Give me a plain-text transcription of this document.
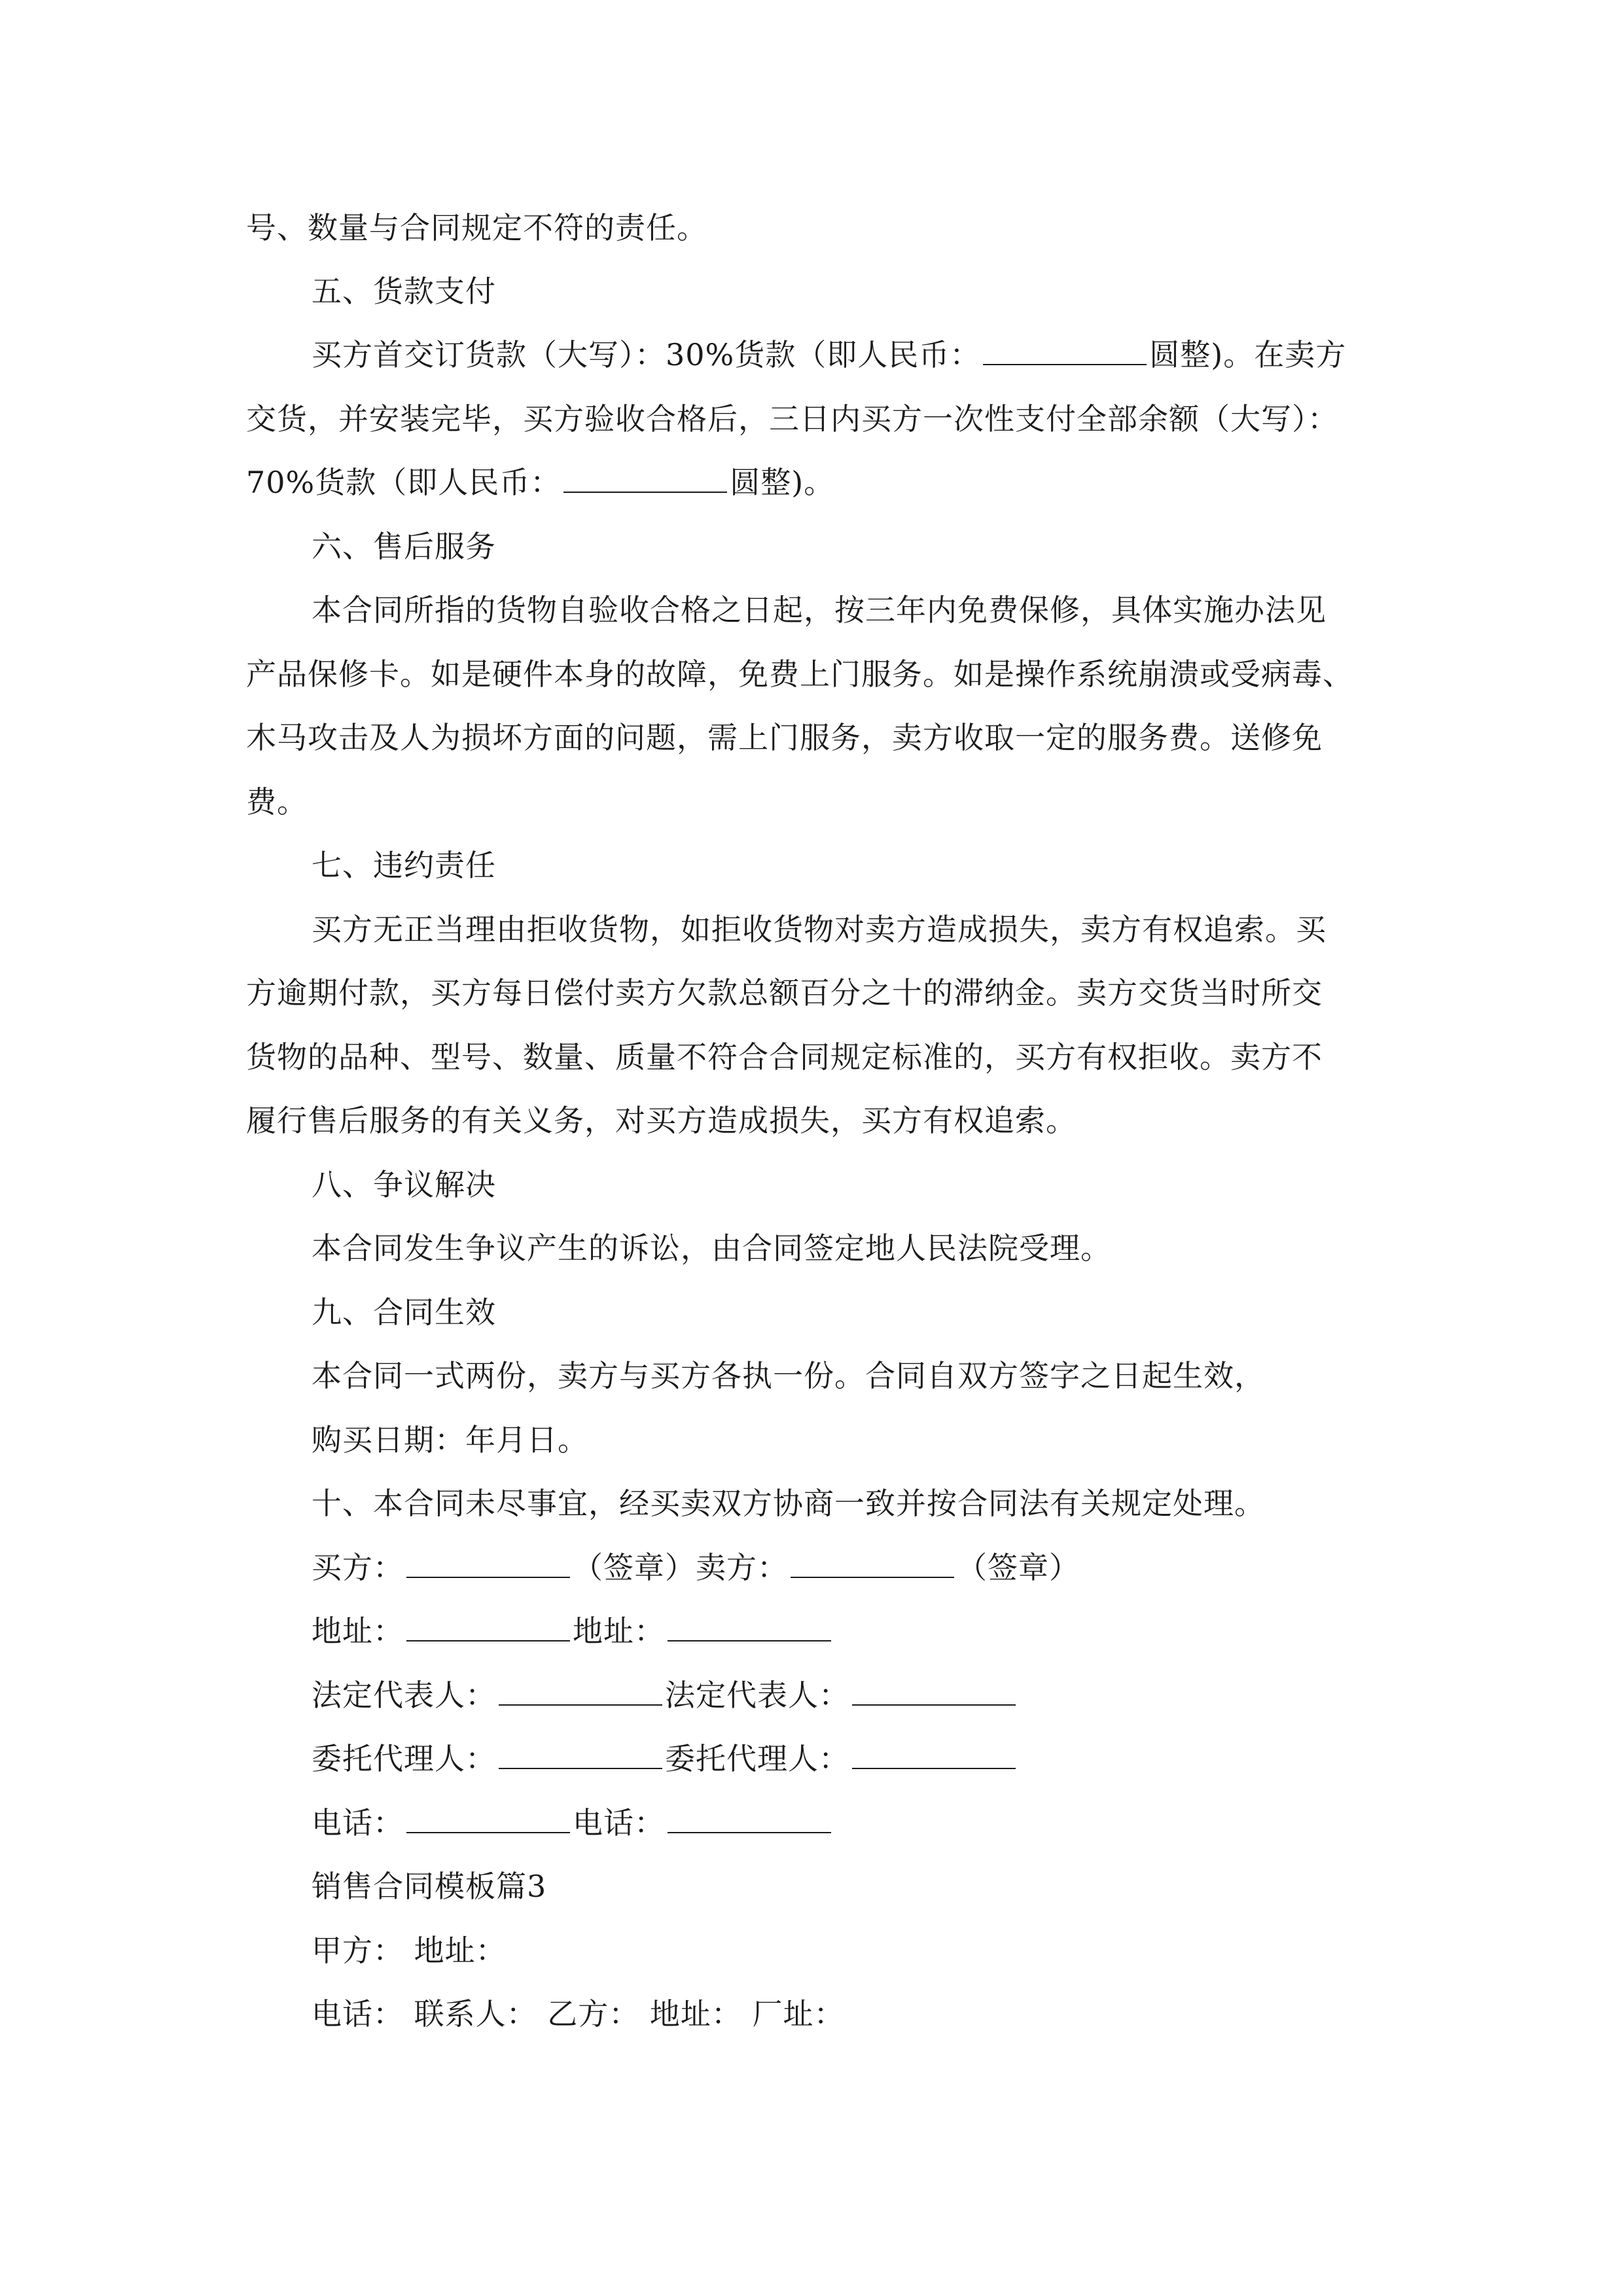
号、数量与合同规定不符的责任。
五、货款支付
买方首交订货款（大写）：30%货款（即人民币：	圆整)。在卖方
交货，并安装完毕，买方验收合格后，三日内买方一次性支付全部余额（大写）：
70%货款（即人民币：	圆整)。
六、售后服务
本合同所指的货物自验收合格之日起，按三年内免费保修，具体实施办法见
产品保修卡。如是硬件本身的故障，免费上门服务。如是操作系统崩溃或受病毒、
木马攻击及人为损坏方面的问题，需上门服务，卖方收取一定的服务费。送修免
费。
七、违约责任
买方无正当理由拒收货物，如拒收货物对卖方造成损失，卖方有权追索。买
方逾期付款，买方每日偿付卖方欠款总额百分之十的滞纳金。卖方交货当时所交
货物的品种、型号、数量、质量不符合合同规定标准的，买方有权拒收。卖方不
履行售后服务的有关义务，对买方造成损失，买方有权追索。
八、争议解决
本合同发生争议产生的诉讼，由合同签定地人民法院受理。
九、合同生效
本合同一式两份，卖方与买方各执一份。合同自双方签字之日起生效，
购买日期：年月日。
十、本合同未尽事宜，经买卖双方协商一致并按合同法有关规定处理。
买方：	（签章）卖方：	（签章）
地址：	地址：
法定代表人：	法定代表人：
委托代理人：	委托代理人：
电话：	电话：
销售合同模板篇3
甲方： 地址：
电话： 联系人： 乙方： 地址： 厂址：
